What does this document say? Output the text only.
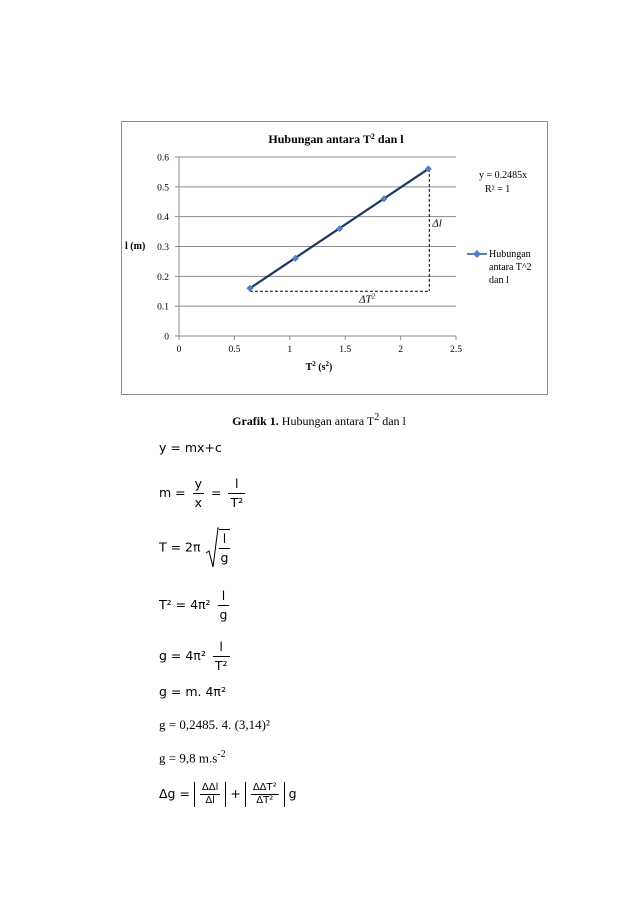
Hubungan antara $T^2$ dan l
0
0.1
0.2
0.3
0.4
0.5
0.6
0	0.5	1	1.5	2	2.5
Δl
$\Delta T^2$
l (m)
$T^2$ $(s^2)$
y = 0.2485x
R² = 1
Hubungan
antara T^2
dan l
Grafik 1. Hubungan antara $T^2$ dan l
y = mx+c
$m = \frac{y}{x} = \frac{l}{\text{T²}}$
$T = 2\pi \frac{l}{g}$
$T^2 = 4\pi^2 \frac{l}{g}$
$g = 4\pi^2 \frac{l}{\text{T²}}$
g = m. 4π²
g = 0,2485. 4. (3,14)²
g = 9,8 $m.s^{-2}$
$\Delta g = \frac{\text{ΔΔl}}{\Delta l} + \frac{\text{ΔΔT²}}{\text{ΔT²}}$ g
